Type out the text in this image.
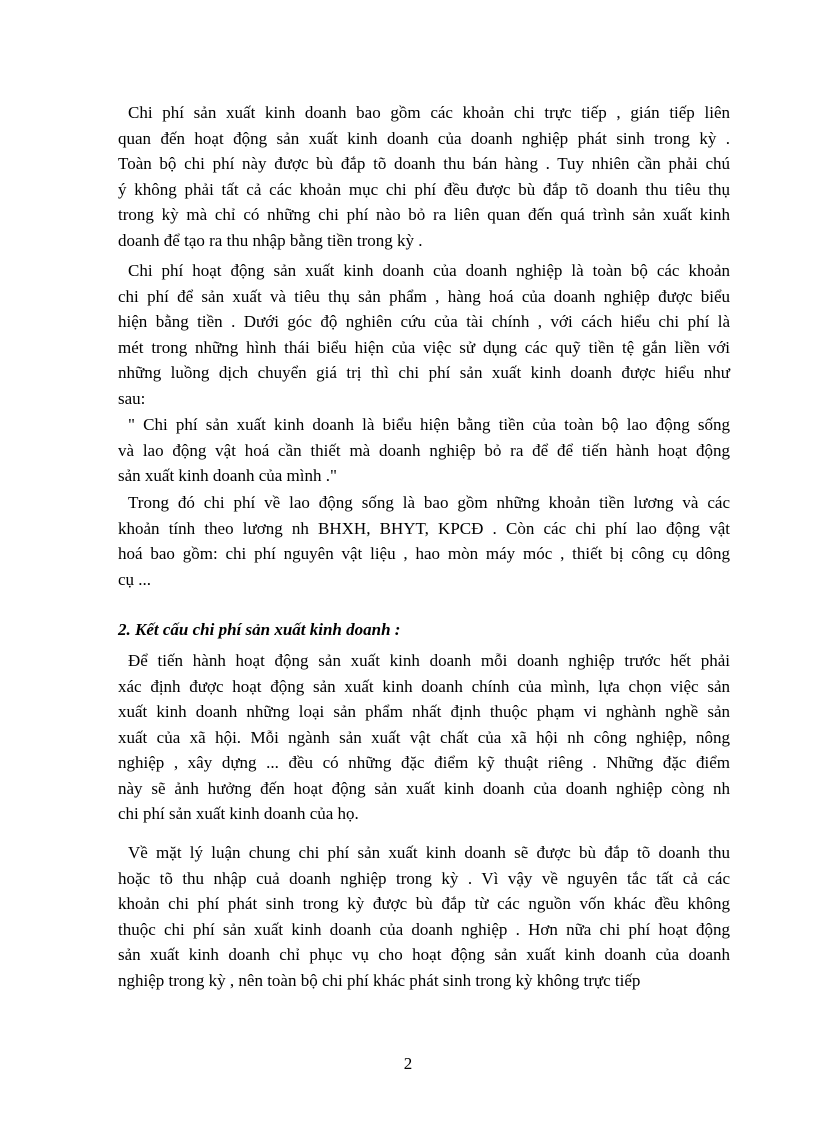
Chi phí sản xuất kinh doanh bao gồm các khoản chi trực tiếp , gián tiếp liên
quan đến hoạt động sản xuất kinh doanh của doanh nghiệp phát sinh trong kỳ .
Toàn bộ chi phí này được bù đắp tõ doanh thu bán hàng . Tuy nhiên cần phải chú
ý không phải tất cả các khoản mục chi phí đều được bù đắp tõ doanh thu tiêu thụ
trong kỳ mà chỉ có những chi phí nào bỏ ra liên quan đến quá trình sản xuất kinh
doanh để tạo ra thu nhập bằng tiền trong kỳ .
Chi phí hoạt động sản xuất kinh doanh của doanh nghiệp là toàn bộ các khoản
chi phí để sản xuất và tiêu thụ sản phẩm , hàng hoá của doanh nghiệp được biểu
hiện bằng tiền . Dưới góc độ nghiên cứu của tài chính , với cách hiểu chi phí là
mét trong những hình thái biểu hiện của việc sử dụng các quỹ tiền tệ gắn liền với
những luồng dịch chuyển giá trị thì chi phí sản xuất kinh doanh được hiểu như
sau:
" Chi phí sản xuất kinh doanh là biểu hiện bằng tiền của toàn bộ lao động sống
và lao động vật hoá cần thiết mà doanh nghiệp bỏ ra để để tiến hành hoạt động
sản xuất kinh doanh của mình ."
Trong đó chi phí về lao động sống là bao gồm những khoản tiền lương và các
khoản tính theo lương nh BHXH, BHYT, KPCĐ . Còn các chi phí lao động vật
hoá bao gồm: chi phí nguyên vật liệu , hao mòn máy móc , thiết bị công cụ dông
cụ ...
2. Kết cấu chi phí sản xuất kinh doanh :
Để tiến hành hoạt động sản xuất kinh doanh mỗi doanh nghiệp trước hết phải
xác định được hoạt động sản xuất kinh doanh chính của mình, lựa chọn việc sản
xuất kinh doanh những loại sản phẩm nhất định thuộc phạm vi nghành nghề sản
xuất của xã hội. Mỗi ngành sản xuất vật chất của xã hội nh công nghiệp, nông
nghiệp , xây dựng ... đều có những đặc điểm kỹ thuật riêng . Những đặc điểm
này sẽ ảnh hưởng đến hoạt động sản xuất kinh doanh của doanh nghiệp còng nh
chi phí sản xuất kinh doanh của họ.
Về mặt lý luận chung chi phí sản xuất kinh doanh sẽ được bù đắp tõ doanh thu
hoặc tõ thu nhập cuả doanh nghiệp trong kỳ . Vì vậy về nguyên tắc tất cả các
khoản chi phí phát sinh trong kỳ được bù đắp từ các nguồn vốn khác đều không
thuộc chi phí sản xuất kinh doanh của doanh nghiệp . Hơn nữa chi phí hoạt động
sản xuất kinh doanh chỉ phục vụ cho hoạt động sản xuất kinh doanh của doanh
nghiệp trong kỳ , nên toàn bộ chi phí khác phát sinh trong kỳ không trực tiếp
2
